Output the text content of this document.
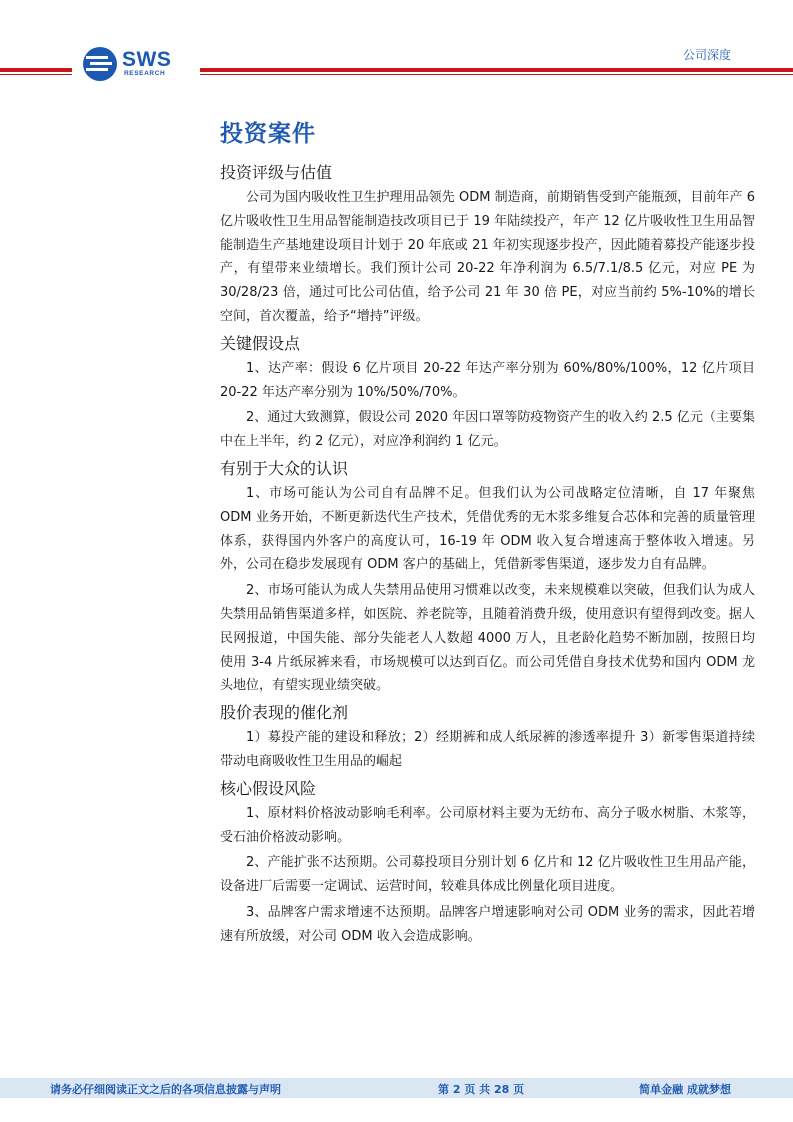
SWS
RESEARCH
公司深度
投资案件
投资评级与估值

公司为国内吸收性卫生护理用品领先 ODM 制造商，前期销售受到产能瓶颈，目前年产 6 亿片吸收性卫生用品智能制造技改项目已于 19 年陆续投产，年产 12 亿片吸收性卫生用品智能制造生产基地建设项目计划于 20 年底或 21 年初实现逐步投产，因此随着募投产能逐步投产，有望带来业绩增长。我们预计公司 20-22 年净利润为 6.5/7.1/8.5 亿元，对应 PE 为 30/28/23 倍，通过可比公司估值，给予公司 21 年 30 倍 PE，对应当前约 5%-10%的增长空间，首次覆盖，给予“增持”评级。

关键假设点

1、达产率：假设 6 亿片项目 20-22 年达产率分别为 60%/80%/100%，12 亿片项目 20-22 年达产率分别为 10%/50%/70%。

2、通过大致测算，假设公司 2020 年因口罩等防疫物资产生的收入约 2.5 亿元（主要集中在上半年，约 2 亿元），对应净利润约 1 亿元。

有别于大众的认识

1、市场可能认为公司自有品牌不足。但我们认为公司战略定位清晰，自 17 年聚焦 ODM 业务开始，不断更新迭代生产技术，凭借优秀的无木浆多维复合芯体和完善的质量管理体系，获得国内外客户的高度认可，16-19 年 ODM 收入复合增速高于整体收入增速。另外，公司在稳步发展现有 ODM 客户的基础上，凭借新零售渠道，逐步发力自有品牌。

2、市场可能认为成人失禁用品使用习惯难以改变，未来规模难以突破，但我们认为成人失禁用品销售渠道多样，如医院、养老院等，且随着消费升级，使用意识有望得到改变。据人民网报道，中国失能、部分失能老人人数超 4000 万人，且老龄化趋势不断加剧，按照日均使用 3-4 片纸尿裤来看，市场规模可以达到百亿。而公司凭借自身技术优势和国内 ODM 龙头地位，有望实现业绩突破。

股价表现的催化剂

1）募投产能的建设和释放；2）经期裤和成人纸尿裤的渗透率提升 3）新零售渠道持续带动电商吸收性卫生用品的崛起

核心假设风险

1、原材料价格波动影响毛利率。公司原材料主要为无纺布、高分子吸水树脂、木浆等，受石油价格波动影响。

2、产能扩张不达预期。公司募投项目分别计划 6 亿片和 12 亿片吸收性卫生用品产能，设备进厂后需要一定调试、运营时间，较难具体成比例量化项目进度。

3、品牌客户需求增速不达预期。品牌客户增速影响对公司 ODM 业务的需求，因此若增速有所放缓，对公司 ODM 收入会造成影响。

请务必仔细阅读正文之后的各项信息披露与声明	第 2 页 共 28 页	简单金融 成就梦想
